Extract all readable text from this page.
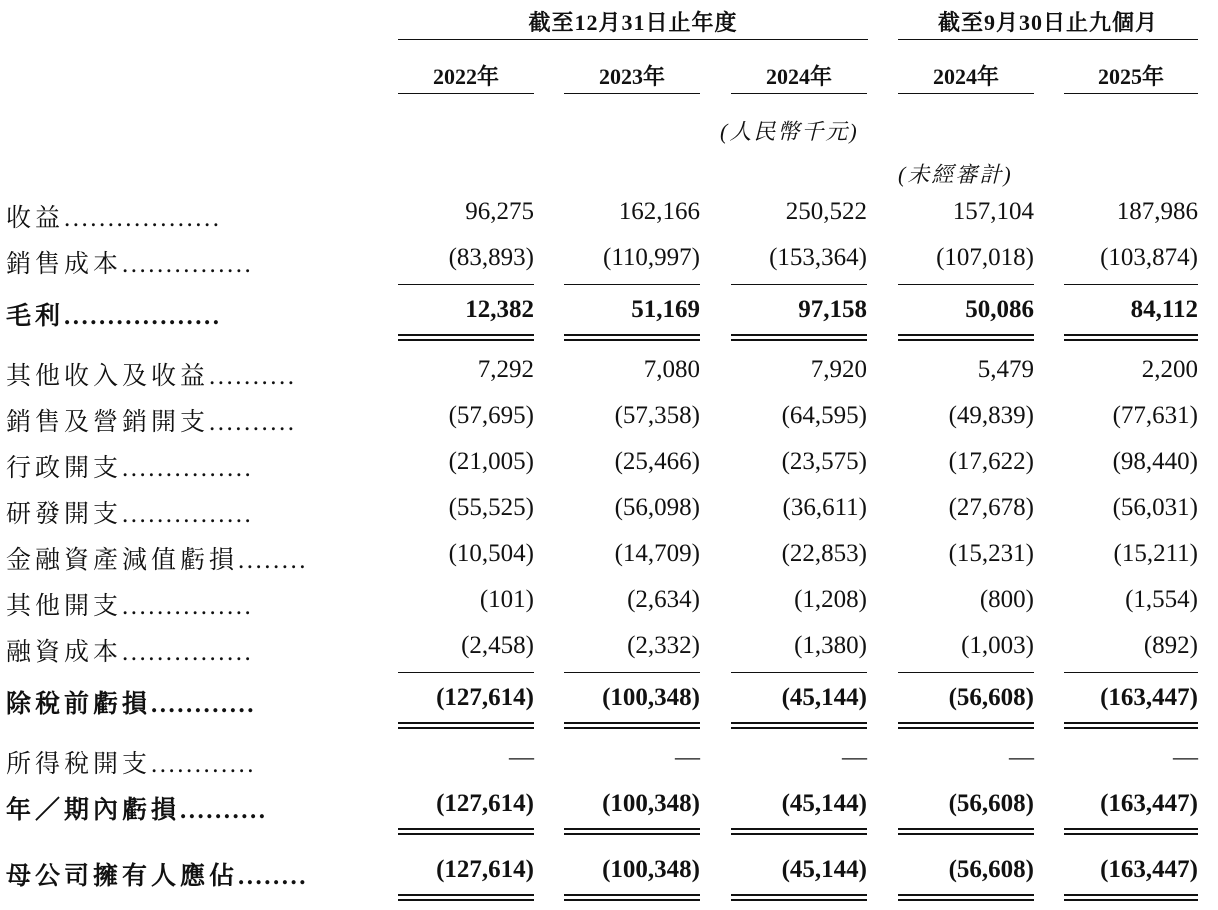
截至12月31日止年度	截至9月30日止九個月
2022年	2023年	2024年	2024年	2025年
(人民幣千元)
(未經審計)
收益..................	96,275	162,166	250,522	157,104	187,986
銷售成本...............	(83,893)	(110,997)	(153,364)	(107,018)	(103,874)
毛利..................	12,382	51,169	97,158	50,086	84,112
其他收入及收益..........	7,292	7,080	7,920	5,479	2,200
銷售及營銷開支..........	(57,695)	(57,358)	(64,595)	(49,839)	(77,631)
行政開支...............	(21,005)	(25,466)	(23,575)	(17,622)	(98,440)
研發開支...............	(55,525)	(56,098)	(36,611)	(27,678)	(56,031)
金融資產減值虧損........	(10,504)	(14,709)	(22,853)	(15,231)	(15,211)
其他開支...............	(101)	(2,634)	(1,208)	(800)	(1,554)
融資成本...............	(2,458)	(2,332)	(1,380)	(1,003)	(892)
除稅前虧損............	(127,614)	(100,348)	(45,144)	(56,608)	(163,447)
所得稅開支............	—	—	—	—	—
年／期內虧損..........	(127,614)	(100,348)	(45,144)	(56,608)	(163,447)
母公司擁有人應佔........	(127,614)	(100,348)	(45,144)	(56,608)	(163,447)
